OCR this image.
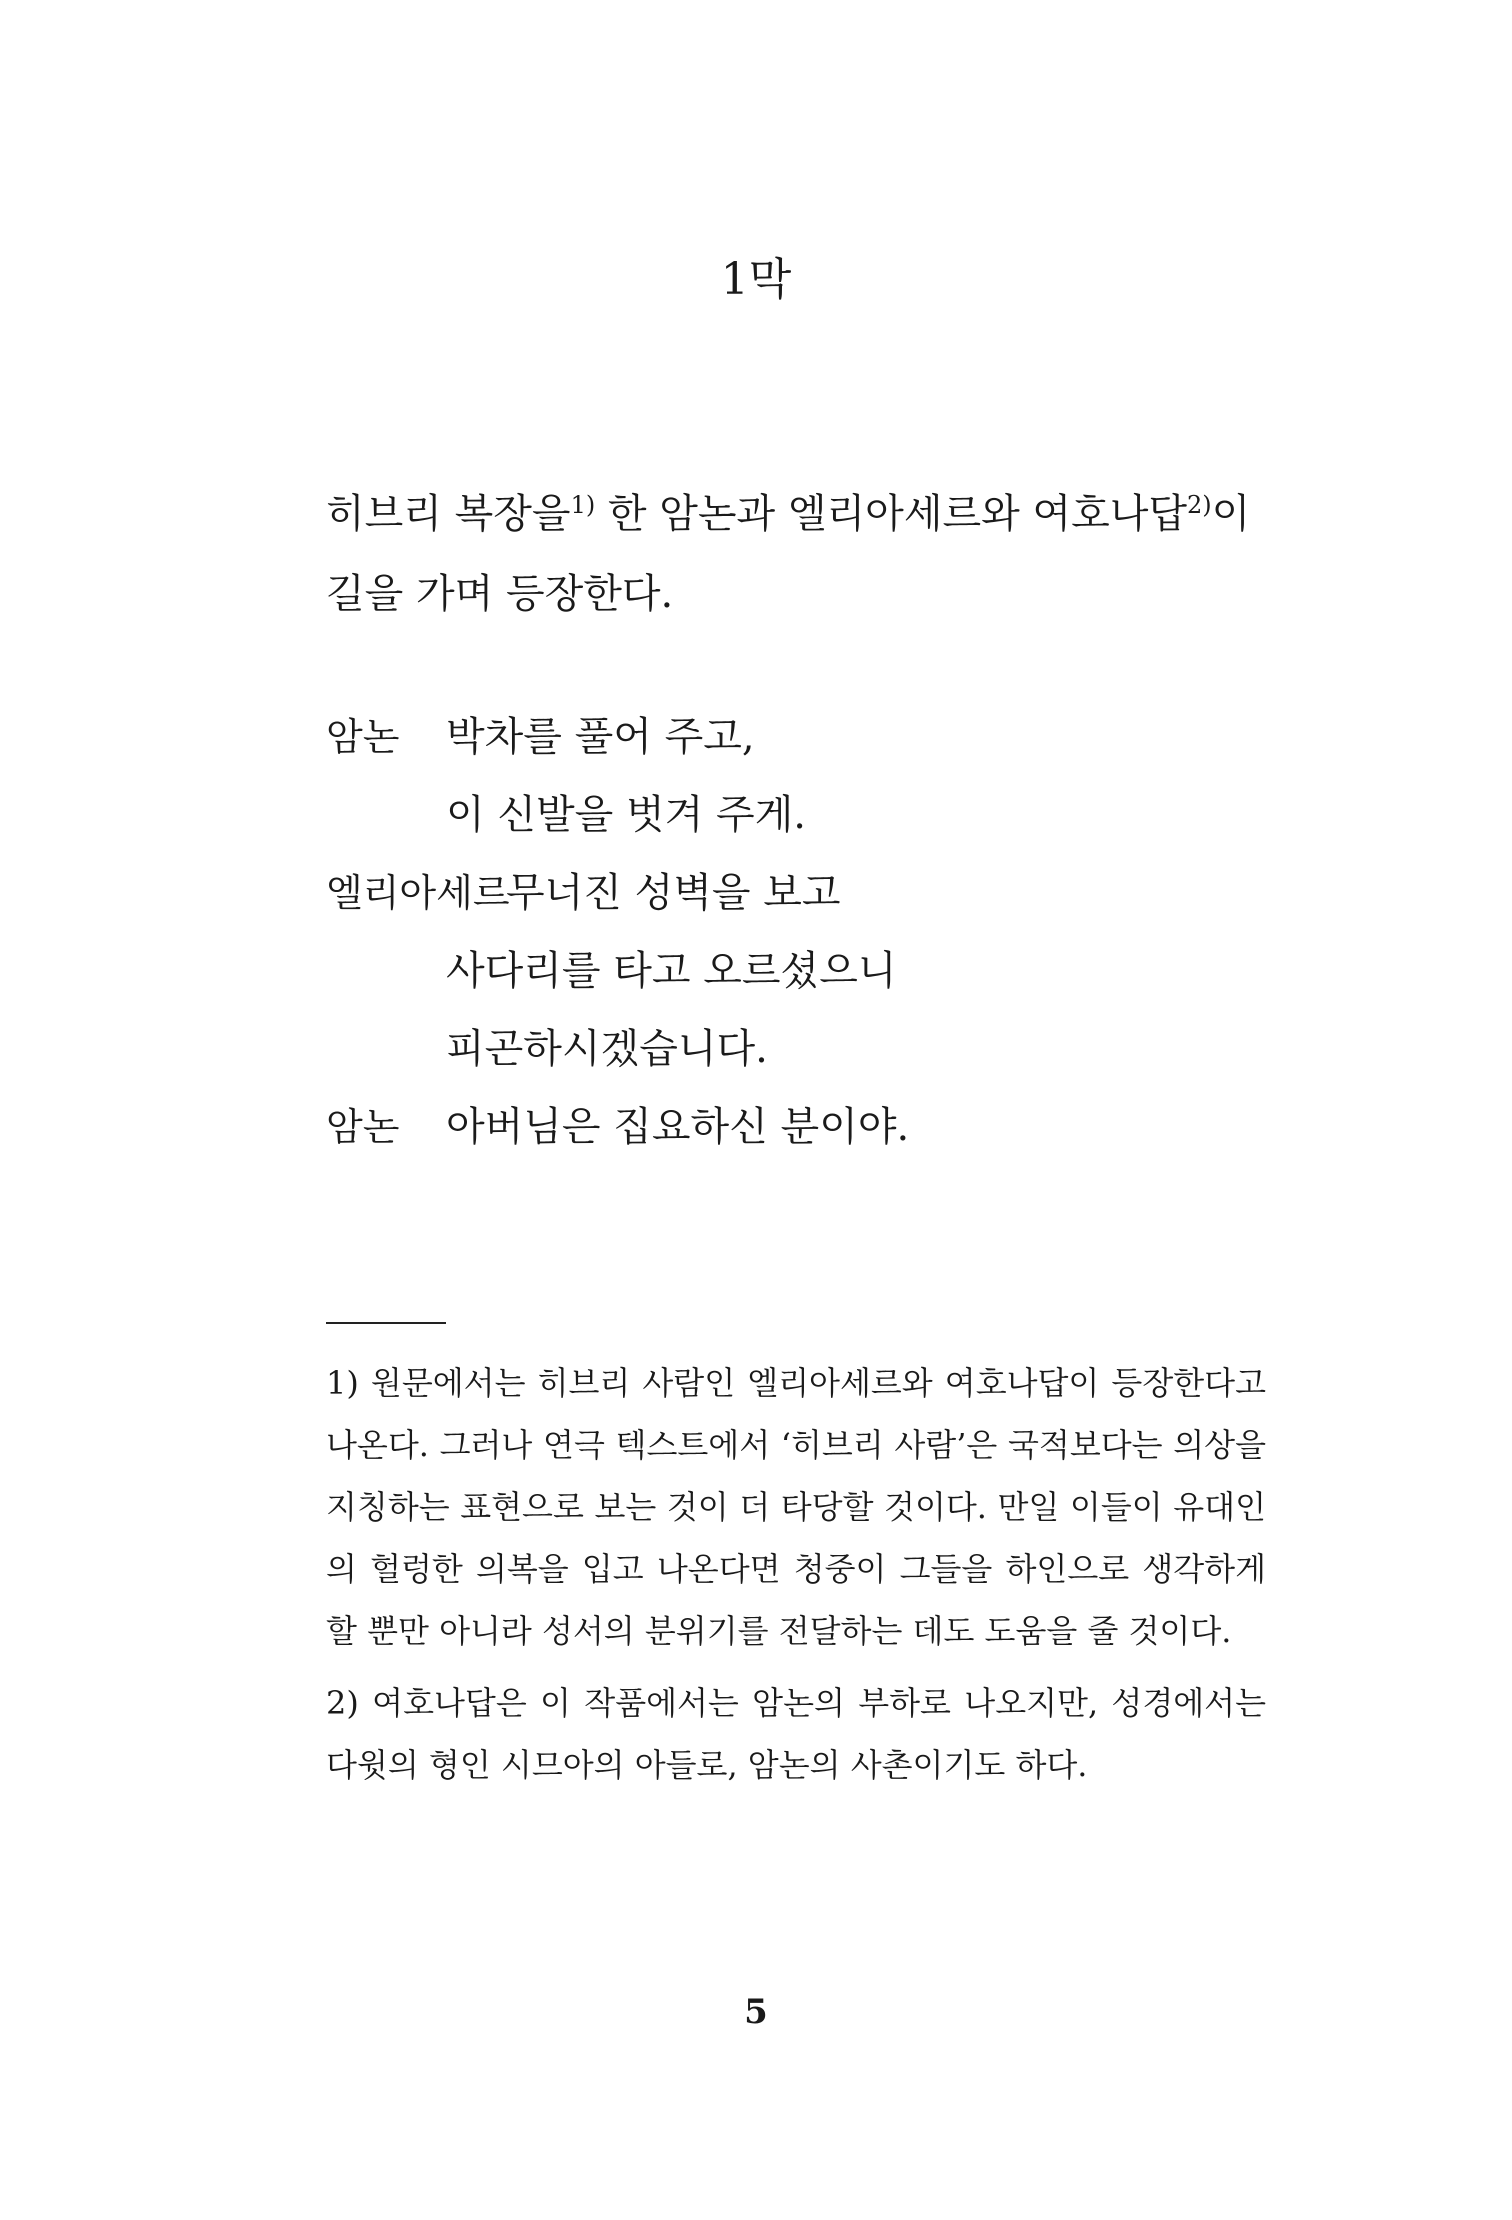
1막

히브리 복장을$^{1)}$ 한 암논과 엘리아세르와 여호나답$^{2)}$이 길을 가며 등장한다.

암논 박차를 풀어 주고,
이 신발을 벗겨 주게.
엘리아세르
무너진 성벽을 보고
사다리를 타고 오르셨으니
피곤하시겠습니다.
암논 아버님은 집요하신 분이야.

1) 원문에서는 히브리 사람인 엘리아세르와 여호나답이 등장한다고 나온다. 그러나 연극 텍스트에서 ‘히브리 사람’은 국적보다는 의상을 지칭하는 표현으로 보는 것이 더 타당할 것이다. 만일 이들이 유대인의 헐렁한 의복을 입고 나온다면 청중이 그들을 하인으로 생각하게 할 뿐만 아니라 성서의 분위기를 전달하는 데도 도움을 줄 것이다.

2) 여호나답은 이 작품에서는 암논의 부하로 나오지만, 성경에서는 다윗의 형인 시므아의 아들로, 암논의 사촌이기도 하다.

5
